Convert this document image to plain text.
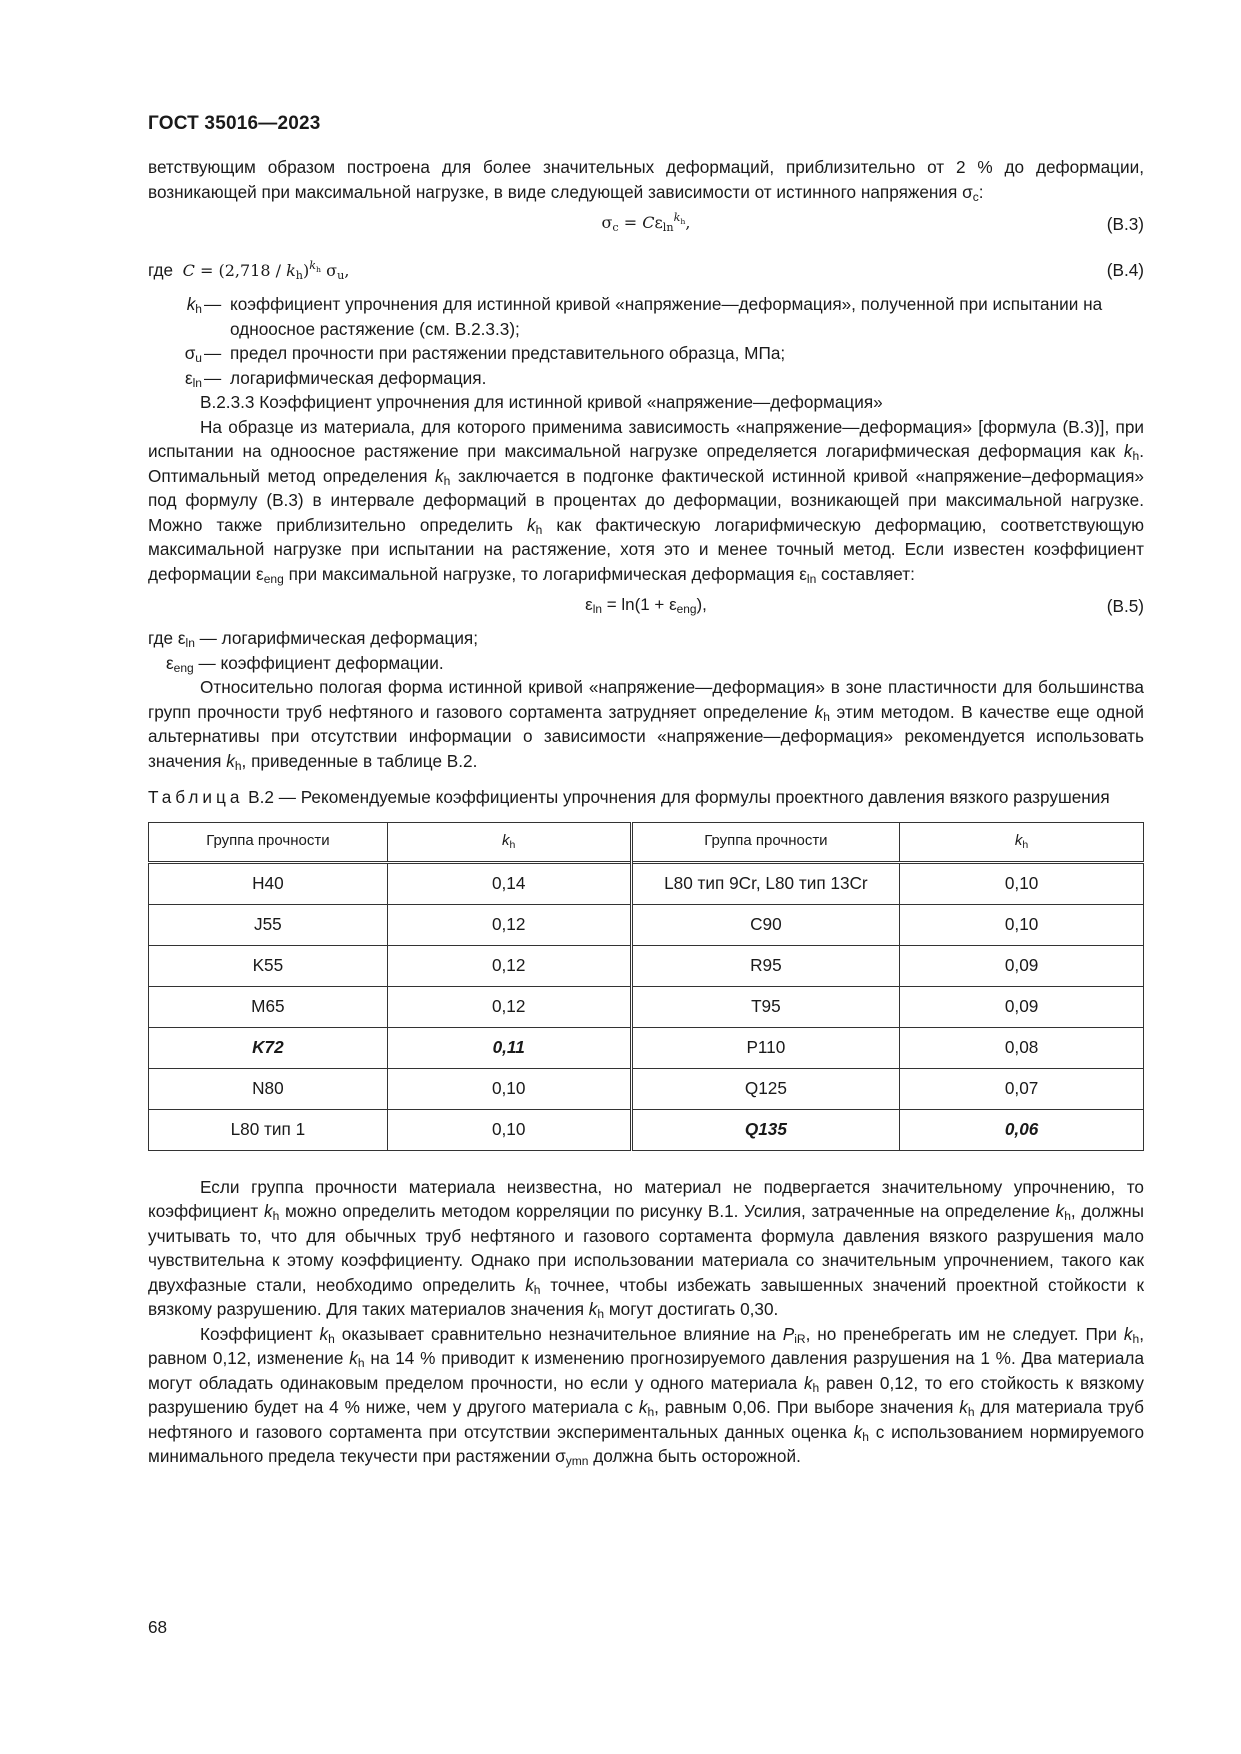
ГОСТ 35016—2023

ветствующим образом построена для более значительных деформаций, приблизительно от 2 % до деформации, возникающей при максимальной нагрузке, в виде следующей зависимости от истинного напряжения $\sigma_c$:

$\sigma_c = C\varepsilon_{ln}^{k_h}$,	(B.3)
где $C = (2,718 / k_h)^{k_h}$ $\sigma_u$,	(B.4)
$k_h$ — коэффициент упрочнения для истинной кривой «напряжение—деформация», полученной при испытании на одноосное растяжение (см. B.2.3.3);
$\sigma_u$ — предел прочности при растяжении представительного образца, МПа;
$\varepsilon_{ln}$ — логарифмическая деформация.

B.2.3.3 Коэффициент упрочнения для истинной кривой «напряжение—деформация»

На образце из материала, для которого применима зависимость «напряжение—деформация» [формула (B.3)], при испытании на одноосное растяжение при максимальной нагрузке определяется логарифмическая деформация как $k_h$. Оптимальный метод определения $k_h$ заключается в подгонке фактической истинной кривой «напряжение–деформация» под формулу (B.3) в интервале деформаций в процентах до деформации, возникающей при максимальной нагрузке. Можно также приблизительно определить $k_h$ как фактическую логарифмическую деформацию, соответствующую максимальной нагрузке при испытании на растяжение, хотя это и менее точный метод. Если известен коэффициент деформации $\varepsilon_{eng}$ при максимальной нагрузке, то логарифмическая деформация $\varepsilon_{ln}$ составляет:

$\varepsilon_{ln} = \ln(1 + \varepsilon_{eng})$,	(B.5)
где $\varepsilon_{ln}$ — логарифмическая деформация;
$\varepsilon_{eng}$ — коэффициент деформации.

Относительно пологая форма истинной кривой «напряжение—деформация» в зоне пластичности для большинства групп прочности труб нефтяного и газового сортамента затрудняет определение $k_h$ этим методом. В качестве еще одной альтернативы при отсутствии информации о зависимости «напряжение—деформация» рекомендуется использовать значения $k_h$, приведенные в таблице B.2.

Таблица B.2 — Рекомендуемые коэффициенты упрочнения для формулы проектного давления вязкого разрушения

Группа прочности	$k_h$	Группа прочности	$k_h$
H40	0,14	L80 тип 9Cr, L80 тип 13Cr	0,10
J55	0,12	C90	0,10
K55	0,12	R95	0,09
M65	0,12	T95	0,09
K72	0,11	P110	0,08
N80	0,10	Q125	0,07
L80 тип 1	0,10	Q135	0,06

Если группа прочности материала неизвестна, но материал не подвергается значительному упрочнению, то коэффициент $k_h$ можно определить методом корреляции по рисунку B.1. Усилия, затраченные на определение $k_h$, должны учитывать то, что для обычных труб нефтяного и газового сортамента формула давления вязкого разрушения мало чувствительна к этому коэффициенту. Однако при использовании материала со значительным упрочнением, такого как двухфазные стали, необходимо определить $k_h$ точнее, чтобы избежать завышенных значений проектной стойкости к вязкому разрушению. Для таких материалов значения $k_h$ могут достигать 0,30.

Коэффициент $k_h$ оказывает сравнительно незначительное влияние на $P_{iR}$, но пренебрегать им не следует. При $k_h$, равном 0,12, изменение $k_h$ на 14 % приводит к изменению прогнозируемого давления разрушения на 1 %. Два материала могут обладать одинаковым пределом прочности, но если у одного материала $k_h$ равен 0,12, то его стойкость к вязкому разрушению будет на 4 % ниже, чем у другого материала с $k_h$, равным 0,06. При выборе значения $k_h$ для материала труб нефтяного и газового сортамента при отсутствии экспериментальных данных оценка $k_h$ с использованием нормируемого минимального предела текучести при растяжении $\sigma_{ymn}$ должна быть осторожной.

68
